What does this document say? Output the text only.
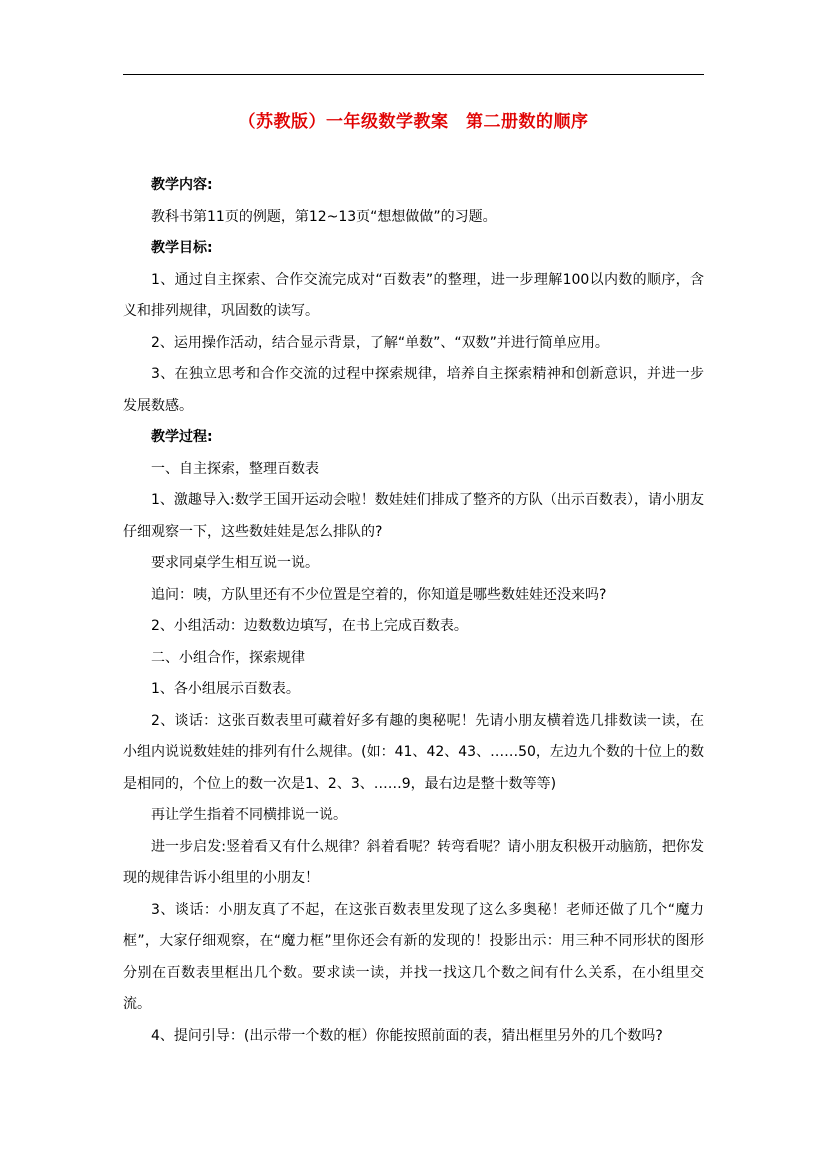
（苏教版）一年级数学教案　第二册数的顺序

教学内容:

教科书第11页的例题，第12~13页“想想做做”的习题。

教学目标:

1、通过自主探索、合作交流完成对“百数表”的整理，进一步理解100以内数的顺序，含义和排列规律，巩固数的读写。

2、运用操作活动，结合显示背景，了解“单数”、“双数”并进行简单应用。

3、在独立思考和合作交流的过程中探索规律，培养自主探索精神和创新意识，并进一步发展数感。

教学过程:

一、自主探索，整理百数表

1、激趣导入:数学王国开运动会啦！数娃娃们排成了整齐的方队（出示百数表），请小朋友仔细观察一下，这些数娃娃是怎么排队的?

要求同桌学生相互说一说。

追问：咦，方队里还有不少位置是空着的，你知道是哪些数娃娃还没来吗?

2、小组活动：边数数边填写，在书上完成百数表。

二、小组合作，探索规律

1、各小组展示百数表。

2、谈话：这张百数表里可藏着好多有趣的奥秘呢！先请小朋友横着选几排数读一读，在小组内说说数娃娃的排列有什么规律。(如：41、42、43、……50，左边九个数的十位上的数是相同的，个位上的数一次是1、2、3、……9，最右边是整十数等等)

再让学生指着不同横排说一说。

进一步启发:竖着看又有什么规律？斜着看呢？转弯看呢？请小朋友积极开动脑筋，把你发现的规律告诉小组里的小朋友！

3、谈话：小朋友真了不起，在这张百数表里发现了这么多奥秘！老师还做了几个“魔力框”，大家仔细观察，在“魔力框”里你还会有新的发现的！投影出示：用三种不同形状的图形分别在百数表里框出几个数。要求读一读，并找一找这几个数之间有什么关系，在小组里交流。

4、提问引导：(出示带一个数的框）你能按照前面的表，猜出框里另外的几个数吗?
